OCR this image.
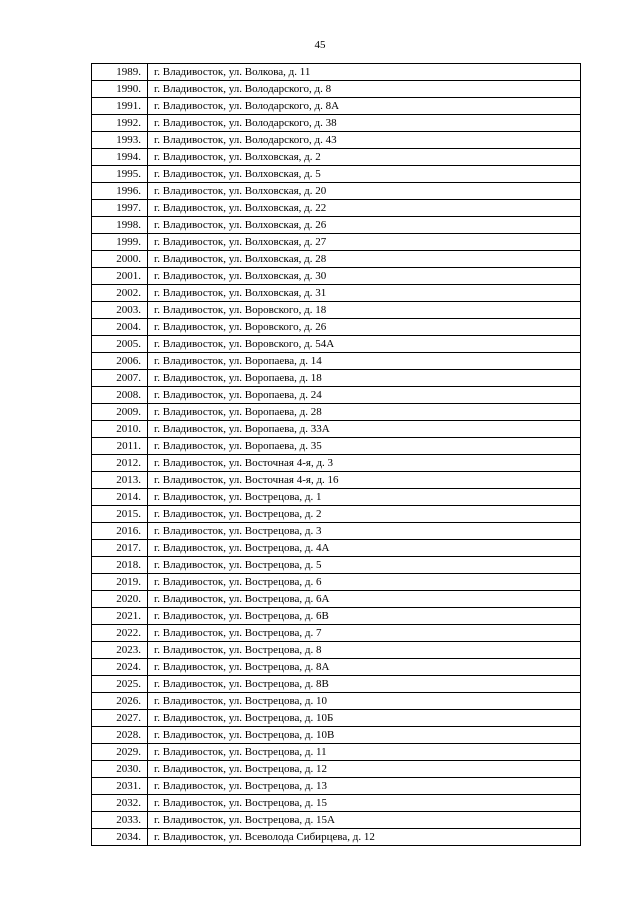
45
1989.	г. Владивосток, ул. Волкова, д. 11
1990.	г. Владивосток, ул. Володарского, д. 8
1991.	г. Владивосток, ул. Володарского, д. 8А
1992.	г. Владивосток, ул. Володарского, д. 38
1993.	г. Владивосток, ул. Володарского, д. 43
1994.	г. Владивосток, ул. Волховская, д. 2
1995.	г. Владивосток, ул. Волховская, д. 5
1996.	г. Владивосток, ул. Волховская, д. 20
1997.	г. Владивосток, ул. Волховская, д. 22
1998.	г. Владивосток, ул. Волховская, д. 26
1999.	г. Владивосток, ул. Волховская, д. 27
2000.	г. Владивосток, ул. Волховская, д. 28
2001.	г. Владивосток, ул. Волховская, д. 30
2002.	г. Владивосток, ул. Волховская, д. 31
2003.	г. Владивосток, ул. Воровского, д. 18
2004.	г. Владивосток, ул. Воровского, д. 26
2005.	г. Владивосток, ул. Воровского, д. 54А
2006.	г. Владивосток, ул. Воропаева, д. 14
2007.	г. Владивосток, ул. Воропаева, д. 18
2008.	г. Владивосток, ул. Воропаева, д. 24
2009.	г. Владивосток, ул. Воропаева, д. 28
2010.	г. Владивосток, ул. Воропаева, д. 33А
2011.	г. Владивосток, ул. Воропаева, д. 35
2012.	г. Владивосток, ул. Восточная 4-я, д. 3
2013.	г. Владивосток, ул. Восточная 4-я, д. 16
2014.	г. Владивосток, ул. Вострецова, д. 1
2015.	г. Владивосток, ул. Вострецова, д. 2
2016.	г. Владивосток, ул. Вострецова, д. 3
2017.	г. Владивосток, ул. Вострецова, д. 4А
2018.	г. Владивосток, ул. Вострецова, д. 5
2019.	г. Владивосток, ул. Вострецова, д. 6
2020.	г. Владивосток, ул. Вострецова, д. 6А
2021.	г. Владивосток, ул. Вострецова, д. 6В
2022.	г. Владивосток, ул. Вострецова, д. 7
2023.	г. Владивосток, ул. Вострецова, д. 8
2024.	г. Владивосток, ул. Вострецова, д. 8А
2025.	г. Владивосток, ул. Вострецова, д. 8В
2026.	г. Владивосток, ул. Вострецова, д. 10
2027.	г. Владивосток, ул. Вострецова, д. 10Б
2028.	г. Владивосток, ул. Вострецова, д. 10В
2029.	г. Владивосток, ул. Вострецова, д. 11
2030.	г. Владивосток, ул. Вострецова, д. 12
2031.	г. Владивосток, ул. Вострецова, д. 13
2032.	г. Владивосток, ул. Вострецова, д. 15
2033.	г. Владивосток, ул. Вострецова, д. 15А
2034.	г. Владивосток, ул. Всеволода Сибирцева, д. 12
